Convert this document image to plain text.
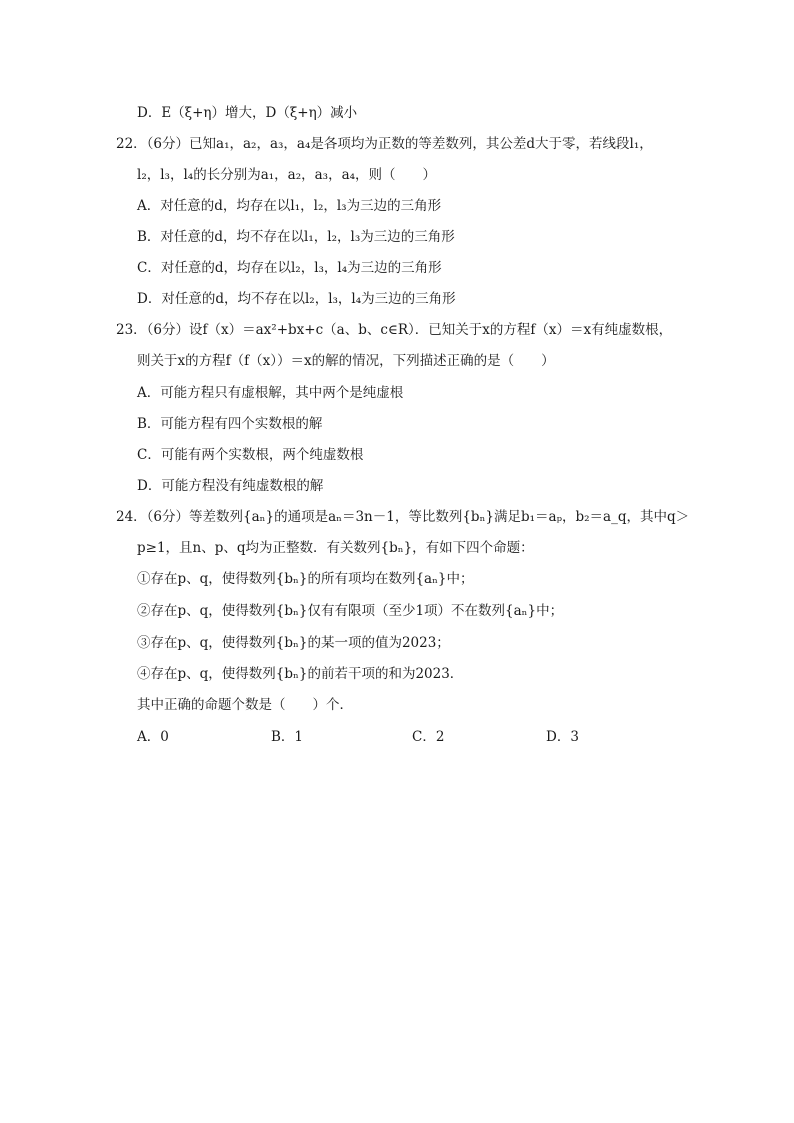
D．E（ξ+η）增大，D（ξ+η）减小
22．（6分）已知a₁，a₂，a₃，a₄是各项均为正数的等差数列，其公差d大于零，若线段l₁，
l₂，l₃，l₄的长分别为a₁，a₂，a₃，a₄，则（　　）
A．对任意的d，均存在以l₁，l₂，l₃为三边的三角形
B．对任意的d，均不存在以l₁，l₂，l₃为三边的三角形
C．对任意的d，均存在以l₂，l₃，l₄为三边的三角形
D．对任意的d，均不存在以l₂，l₃，l₄为三边的三角形
23．（6分）设f（x）＝ax²+bx+c（a、b、c∈R）．已知关于x的方程f（x）＝x有纯虚数根，
则关于x的方程f（f（x））＝x的解的情况，下列描述正确的是（　　）
A．可能方程只有虚根解，其中两个是纯虚根
B．可能方程有四个实数根的解
C．可能有两个实数根，两个纯虚数根
D．可能方程没有纯虚数根的解
24．（6分）等差数列{aₙ}的通项是aₙ＝3n－1，等比数列{bₙ}满足b₁＝aₚ，b₂＝a_q，其中q＞
p≥1，且n、p、q均为正整数．有关数列{bₙ}，有如下四个命题：
①存在p、q，使得数列{bₙ}的所有项均在数列{aₙ}中；
②存在p、q，使得数列{bₙ}仅有有限项（至少1项）不在数列{aₙ}中；
③存在p、q，使得数列{bₙ}的某一项的值为2023；
④存在p、q，使得数列{bₙ}的前若干项的和为2023．
其中正确的命题个数是（　　）个．
A．0	B．1	C．2	D．3
